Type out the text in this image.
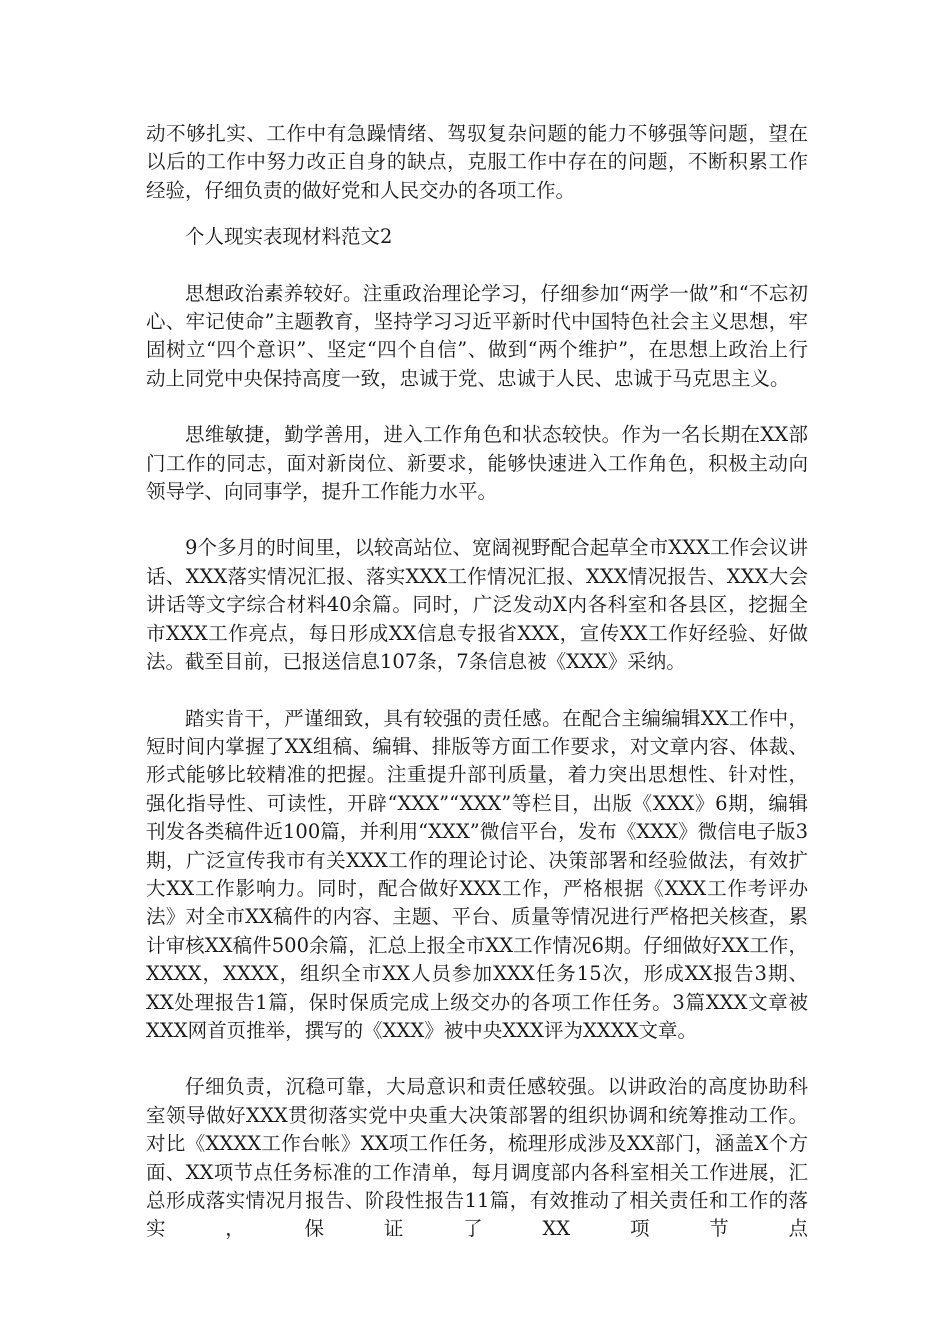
动不够扎实、工作中有急躁情绪、驾驭复杂问题的能力不够强等问题，望在以后的工作中努力改正自身的缺点，克服工作中存在的问题，不断积累工作经验，仔细负责的做好党和人民交办的各项工作。

个人现实表现材料范文2

思想政治素养较好。注重政治理论学习，仔细参加“两学一做”和“不忘初心、牢记使命”主题教育，坚持学习习近平新时代中国特色社会主义思想，牢固树立“四个意识”、坚定“四个自信”、做到“两个维护”，在思想上政治上行动上同党中央保持高度一致，忠诚于党、忠诚于人民、忠诚于马克思主义。

思维敏捷，勤学善用，进入工作角色和状态较快。作为一名长期在XX部门工作的同志，面对新岗位、新要求，能够快速进入工作角色，积极主动向领导学、向同事学，提升工作能力水平。

9个多月的时间里，以较高站位、宽阔视野配合起草全市XXX工作会议讲话、XXX落实情况汇报、落实XXX工作情况汇报、XXX情况报告、XXX大会讲话等文字综合材料40余篇。同时，广泛发动X内各科室和各县区，挖掘全市XXX工作亮点，每日形成XX信息专报省XXX，宣传XX工作好经验、好做法。截至目前，已报送信息107条，7条信息被《XXX》采纳。

踏实肯干，严谨细致，具有较强的责任感。在配合主编编辑XX工作中，短时间内掌握了XX组稿、编辑、排版等方面工作要求，对文章内容、体裁、形式能够比较精准的把握。注重提升部刊质量，着力突出思想性、针对性，强化指导性、可读性，开辟“XXX”“XXX”等栏目，出版《XXX》6期，编辑刊发各类稿件近100篇，并利用“XXX”微信平台，发布《XXX》微信电子版3期，广泛宣传我市有关XXX工作的理论讨论、决策部署和经验做法，有效扩大XX工作影响力。同时，配合做好XXX工作，严格根据《XXX工作考评办法》对全市XX稿件的内容、主题、平台、质量等情况进行严格把关核查，累计审核XX稿件500余篇，汇总上报全市XX工作情况6期。仔细做好XX工作，XXXX，XXXX，组织全市XX人员参加XXX任务15次，形成XX报告3期、XX处理报告1篇，保时保质完成上级交办的各项工作任务。3篇XXX文章被XXX网首页推举，撰写的《XXX》被中央XXX评为XXXX文章。

仔细负责，沉稳可靠，大局意识和责任感较强。以讲政治的高度协助科室领导做好XXX贯彻落实党中央重大决策部署的组织协调和统筹推动工作。对比《XXXX工作台帐》XX项工作任务，梳理形成涉及XX部门，涵盖X个方面、XX项节点任务标准的工作清单，每月调度部内各科室相关工作进展，汇总形成落实情况月报告、阶段性报告11篇，有效推动了相关责任和工作的落实，保证了XX项节点
